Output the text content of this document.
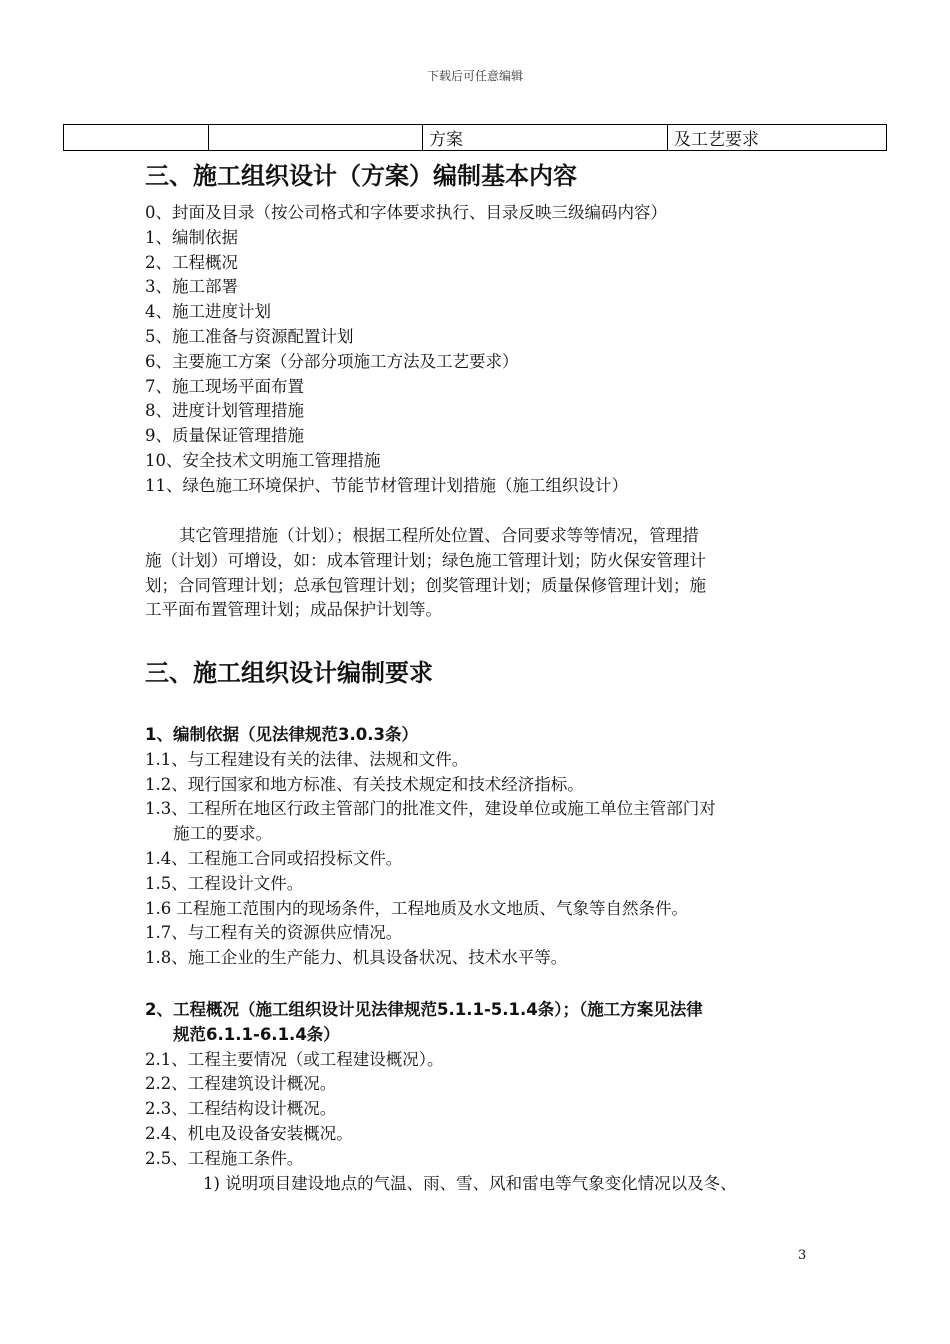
下载后可任意编辑
		方案	及工艺要求
三、施工组织设计（方案）编制基本内容
0、封面及目录（按公司格式和字体要求执行、目录反映三级编码内容）
1、编制依据
2、工程概况
3、施工部署
4、施工进度计划
5、施工准备与资源配置计划
6、主要施工方案（分部分项施工方法及工艺要求）
7、施工现场平面布置
8、进度计划管理措施
9、质量保证管理措施
10、安全技术文明施工管理措施
11、绿色施工环境保护、节能节材管理计划措施（施工组织设计）
其它管理措施（计划）；根据工程所处位置、合同要求等等情况，管理措
施（计划）可增设，如：成本管理计划；绿色施工管理计划；防火保安管理计
划；合同管理计划；总承包管理计划；创奖管理计划；质量保修管理计划；施
工平面布置管理计划；成品保护计划等。
三、施工组织设计编制要求
1、编制依据（见法律规范3.0.3条）
1.1、与工程建设有关的法律、法规和文件。
1.2、现行国家和地方标准、有关技术规定和技术经济指标。
1.3、工程所在地区行政主管部门的批准文件，建设单位或施工单位主管部门对
施工的要求。
1.4、工程施工合同或招投标文件。
1.5、工程设计文件。
1.6 工程施工范围内的现场条件，工程地质及水文地质、气象等自然条件。
1.7、与工程有关的资源供应情况。
1.8、施工企业的生产能力、机具设备状况、技术水平等。
2、工程概况（施工组织设计见法律规范5.1.1-5.1.4条）；（施工方案见法律
规范6.1.1-6.1.4条）
2.1、工程主要情况（或工程建设概况）。
2.2、工程建筑设计概况。
2.3、工程结构设计概况。
2.4、机电及设备安装概况。
2.5、工程施工条件。
1) 说明项目建设地点的气温、雨、雪、风和雷电等气象变化情况以及冬、
3
